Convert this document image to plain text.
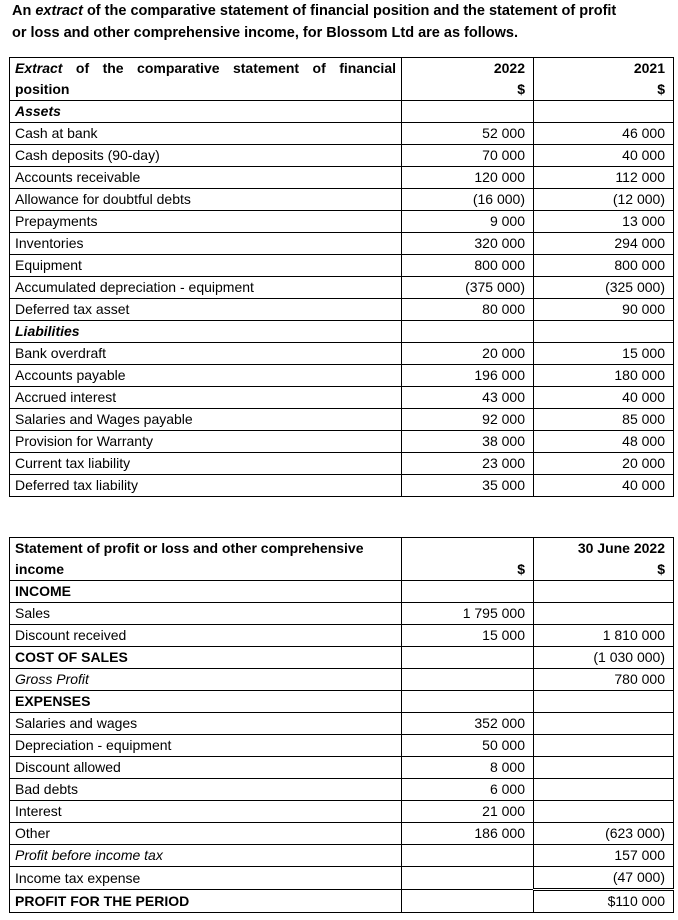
An extract of the comparative statement of financial position and the statement of profit
or loss and other comprehensive income, for Blossom Ltd are as follows.
Extract of the comparative statement of financial position	2022	2021
	$	$
Assets		
Cash at bank	52 000	46 000
Cash deposits (90-day)	70 000	40 000
Accounts receivable	120 000	112 000
Allowance for doubtful debts	(16 000)	(12 000)
Prepayments	9 000	13 000
Inventories	320 000	294 000
Equipment	800 000	800 000
Accumulated depreciation - equipment	(375 000)	(325 000)
Deferred tax asset	80 000	90 000
Liabilities		
Bank overdraft	20 000	15 000
Accounts payable	196 000	180 000
Accrued interest	43 000	40 000
Salaries and Wages payable	92 000	85 000
Provision for Warranty	38 000	48 000
Current tax liability	23 000	20 000
Deferred tax liability	35 000	40 000
Statement of profit or loss and other comprehensive income		30 June 2022
	$	$
INCOME		
Sales	1 795 000	
Discount received	15 000	1 810 000
COST OF SALES		(1 030 000)
Gross Profit		780 000
EXPENSES		
Salaries and wages	352 000	
Depreciation - equipment	50 000	
Discount allowed	8 000	
Bad debts	6 000	
Interest	21 000	
Other	186 000	(623 000)
Profit before income tax		157 000
Income tax expense		(47 000)
PROFIT FOR THE PERIOD		$110 000
